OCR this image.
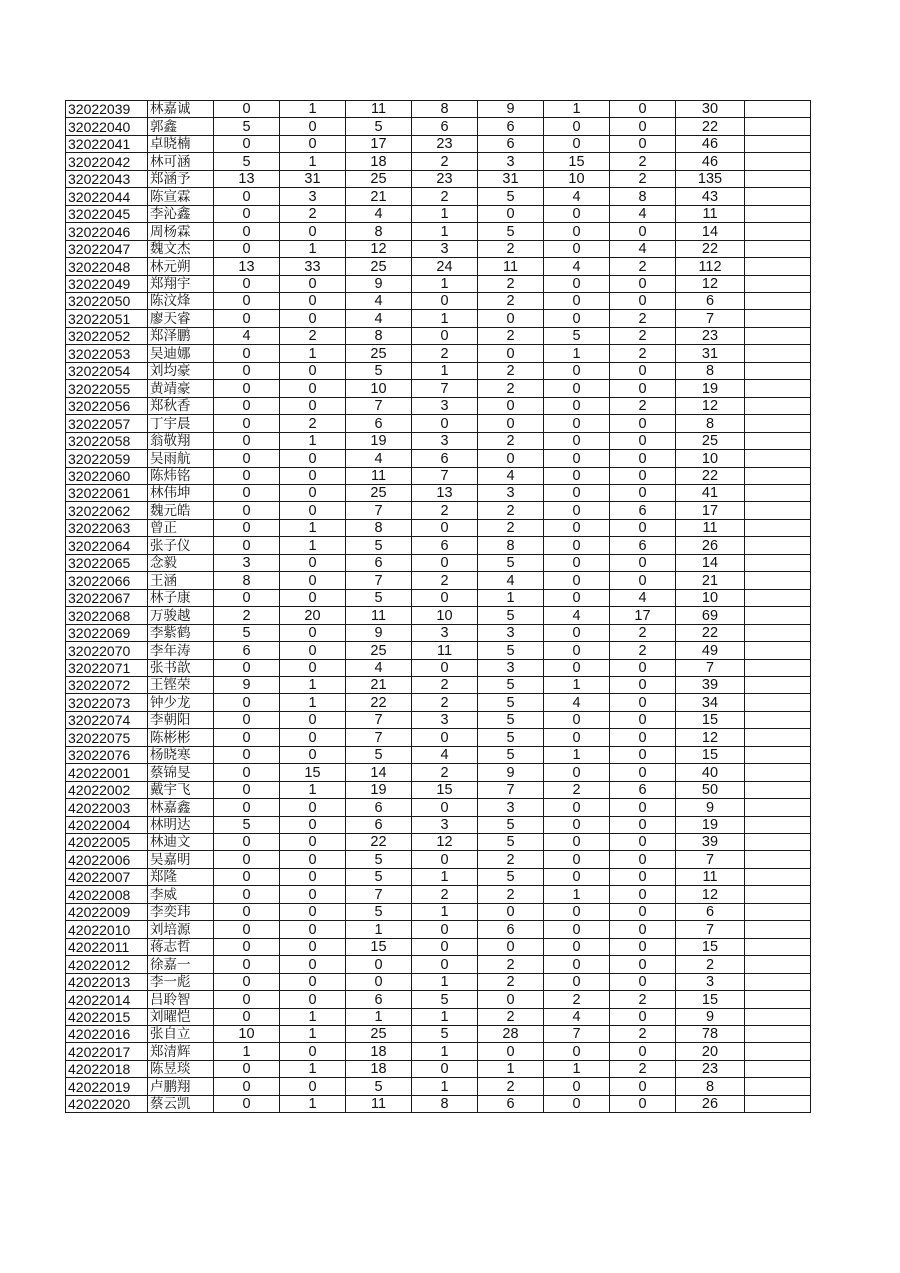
32022039	林嘉诚	0	1	11	8	9	1	0	30	
32022040	郭鑫	5	0	5	6	6	0	0	22	
32022041	卓晓楠	0	0	17	23	6	0	0	46	
32022042	林可涵	5	1	18	2	3	15	2	46	
32022043	郑涵予	13	31	25	23	31	10	2	135	
32022044	陈宣霖	0	3	21	2	5	4	8	43	
32022045	李沁鑫	0	2	4	1	0	0	4	11	
32022046	周杨霖	0	0	8	1	5	0	0	14	
32022047	魏文杰	0	1	12	3	2	0	4	22	
32022048	林元朔	13	33	25	24	11	4	2	112	
32022049	郑翔宇	0	0	9	1	2	0	0	12	
32022050	陈汶烽	0	0	4	0	2	0	0	6	
32022051	廖天睿	0	0	4	1	0	0	2	7	
32022052	郑泽鹏	4	2	8	0	2	5	2	23	
32022053	吴迪娜	0	1	25	2	0	1	2	31	
32022054	刘均豪	0	0	5	1	2	0	0	8	
32022055	黄靖豪	0	0	10	7	2	0	0	19	
32022056	郑秋香	0	0	7	3	0	0	2	12	
32022057	丁宇晨	0	2	6	0	0	0	0	8	
32022058	翁敬翔	0	1	19	3	2	0	0	25	
32022059	吴雨航	0	0	4	6	0	0	0	10	
32022060	陈炜铭	0	0	11	7	4	0	0	22	
32022061	林伟坤	0	0	25	13	3	0	0	41	
32022062	魏元皓	0	0	7	2	2	0	6	17	
32022063	曾正	0	1	8	0	2	0	0	11	
32022064	张子仪	0	1	5	6	8	0	6	26	
32022065	念毅	3	0	6	0	5	0	0	14	
32022066	王涵	8	0	7	2	4	0	0	21	
32022067	林子康	0	0	5	0	1	0	4	10	
32022068	万骏越	2	20	11	10	5	4	17	69	
32022069	李紫鹤	5	0	9	3	3	0	2	22	
32022070	李年涛	6	0	25	11	5	0	2	49	
32022071	张书歆	0	0	4	0	3	0	0	7	
32022072	王铿荣	9	1	21	2	5	1	0	39	
32022073	钟少龙	0	1	22	2	5	4	0	34	
32022074	李朝阳	0	0	7	3	5	0	0	15	
32022075	陈彬彬	0	0	7	0	5	0	0	12	
32022076	杨晓寒	0	0	5	4	5	1	0	15	
42022001	蔡锦旻	0	15	14	2	9	0	0	40	
42022002	戴宇飞	0	1	19	15	7	2	6	50	
42022003	林嘉鑫	0	0	6	0	3	0	0	9	
42022004	林明达	5	0	6	3	5	0	0	19	
42022005	林迪文	0	0	22	12	5	0	0	39	
42022006	吴嘉明	0	0	5	0	2	0	0	7	
42022007	郑隆	0	0	5	1	5	0	0	11	
42022008	李威	0	0	7	2	2	1	0	12	
42022009	李奕玮	0	0	5	1	0	0	0	6	
42022010	刘培源	0	0	1	0	6	0	0	7	
42022011	蒋志哲	0	0	15	0	0	0	0	15	
42022012	徐嘉一	0	0	0	0	2	0	0	2	
42022013	李一彪	0	0	0	1	2	0	0	3	
42022014	吕聆智	0	0	6	5	0	2	2	15	
42022015	刘曜恺	0	1	1	1	2	4	0	9	
42022016	张自立	10	1	25	5	28	7	2	78	
42022017	郑清辉	1	0	18	1	0	0	0	20	
42022018	陈昱琰	0	1	18	0	1	1	2	23	
42022019	卢鹏翔	0	0	5	1	2	0	0	8	
42022020	蔡云凯	0	1	11	8	6	0	0	26	
